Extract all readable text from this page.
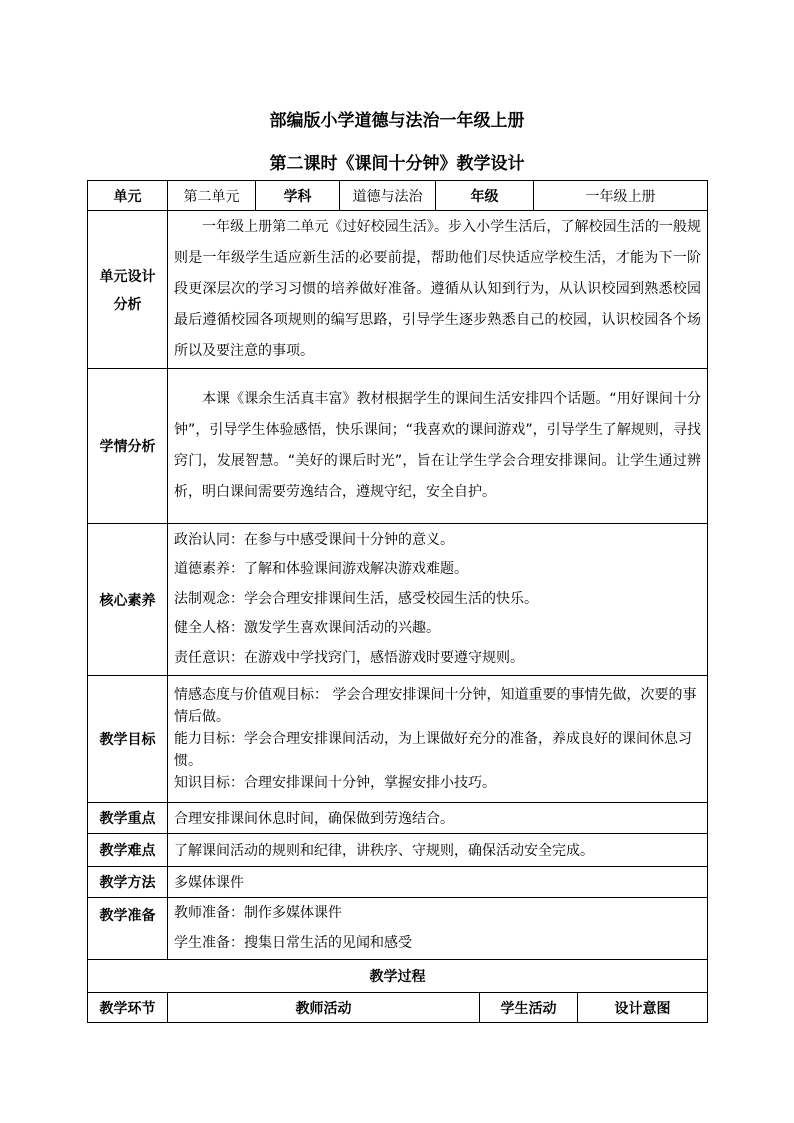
部编版小学道德与法治一年级上册
第二课时《课间十分钟》教学设计
单元	第二单元	学科	道德与法治	年级		一年级上册	

单元设计
分析	一年级上册第二单元《过好校园生活》。步入小学生活后，了解校园生活的一般规则是一年级学生适应新生活的必要前提，帮助他们尽快适应学校生活，才能为下一阶段更深层次的学习习惯的培养做好准备。遵循从认知到行为，从认识校园到熟悉校园最后遵循校园各项规则的编写思路，引导学生逐步熟悉自己的校园，认识校园各个场所以及要注意的事项。						
学情分析	本课《课余生活真丰富》教材根据学生的课间生活安排四个话题。“用好课间十分钟”，引导学生体验感悟，快乐课间；“我喜欢的课间游戏”，引导学生了解规则，寻找窍门，发展智慧。“美好的课后时光”，旨在让学生学会合理安排课间。让学生通过辨析，明白课间需要劳逸结合，遵规守纪，安全自护。						
核心素养	政治认同：在参与中感受课间十分钟的意义。
道德素养：了解和体验课间游戏解决游戏难题。
法制观念：学会合理安排课间生活，感受校园生活的快乐。
健全人格：激发学生喜欢课间活动的兴趣。
责任意识：在游戏中学找窍门，感悟游戏时要遵守规则。						

教学目标	情感态度与价值观目标： 学会合理安排课间十分钟，知道重要的事情先做，次要的事情后做。
能力目标：学会合理安排课间活动，为上课做好充分的准备，养成良好的课间休息习惯。
知识目标：合理安排课间十分钟，掌握安排小技巧。						

教学重点	合理安排课间休息时间，确保做到劳逸结合。						
教学难点	了解课间活动的规则和纪律，讲秩序、守规则，确保活动安全完成。						
教学方法	多媒体课件						
教学准备	教师准备：制作多媒体课件
学生准备：搜集日常生活的见闻和感受						

教学过程							
教学环节	教师活动				学生活动		设计意图
